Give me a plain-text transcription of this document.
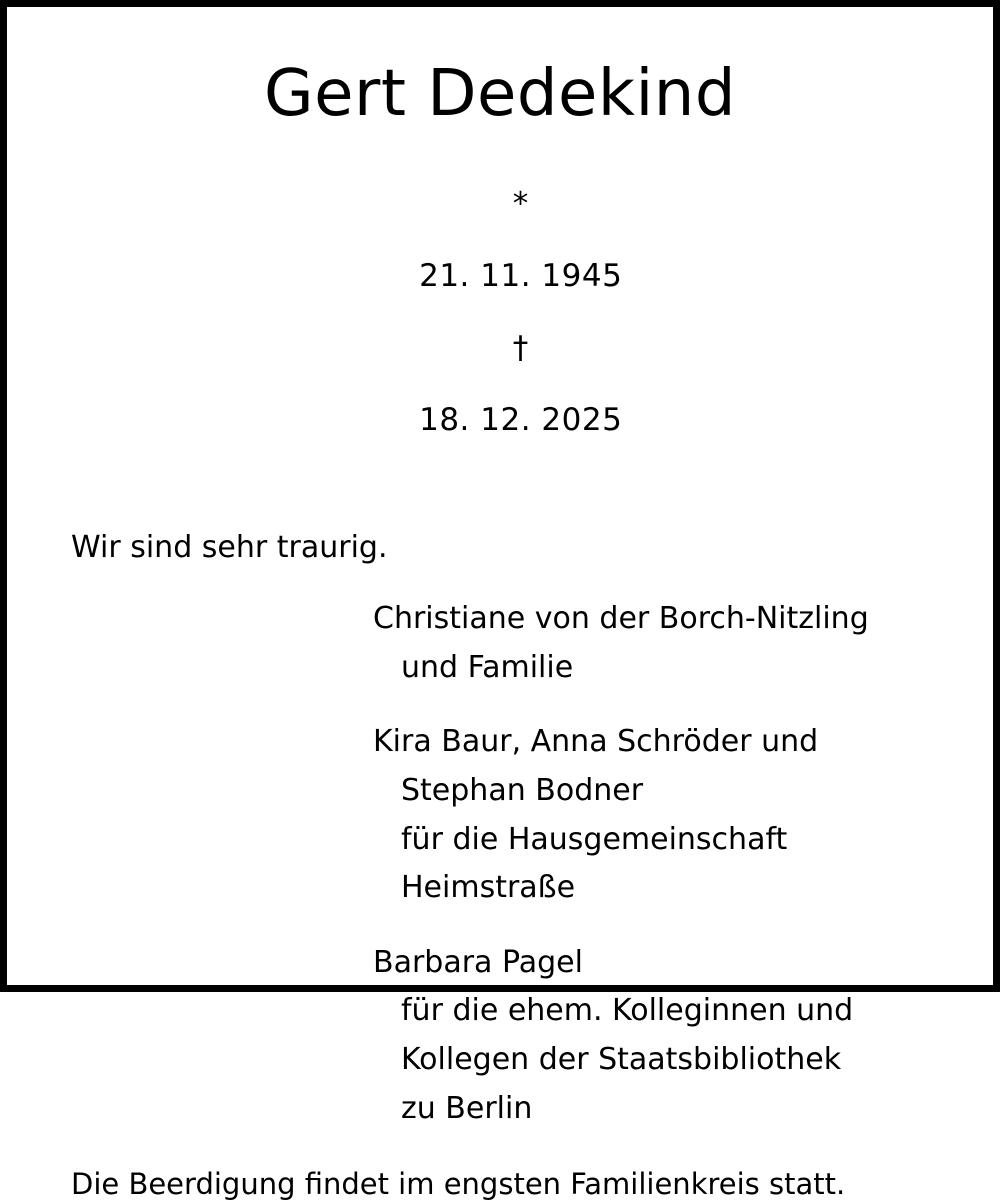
Gert Dedekind

*

21. 11. 1945

†

18. 12. 2025

Wir sind sehr traurig.
Christiane von der Borch-Nitzling
und Familie
Kira Baur, Anna Schröder und
Stephan Bodner
für die Hausgemeinschaft
Heimstraße
Barbara Pagel
für die ehem. Kolleginnen und
Kollegen der Staatsbibliothek
zu Berlin
Die Beerdigung findet im engsten Familienkreis statt.
